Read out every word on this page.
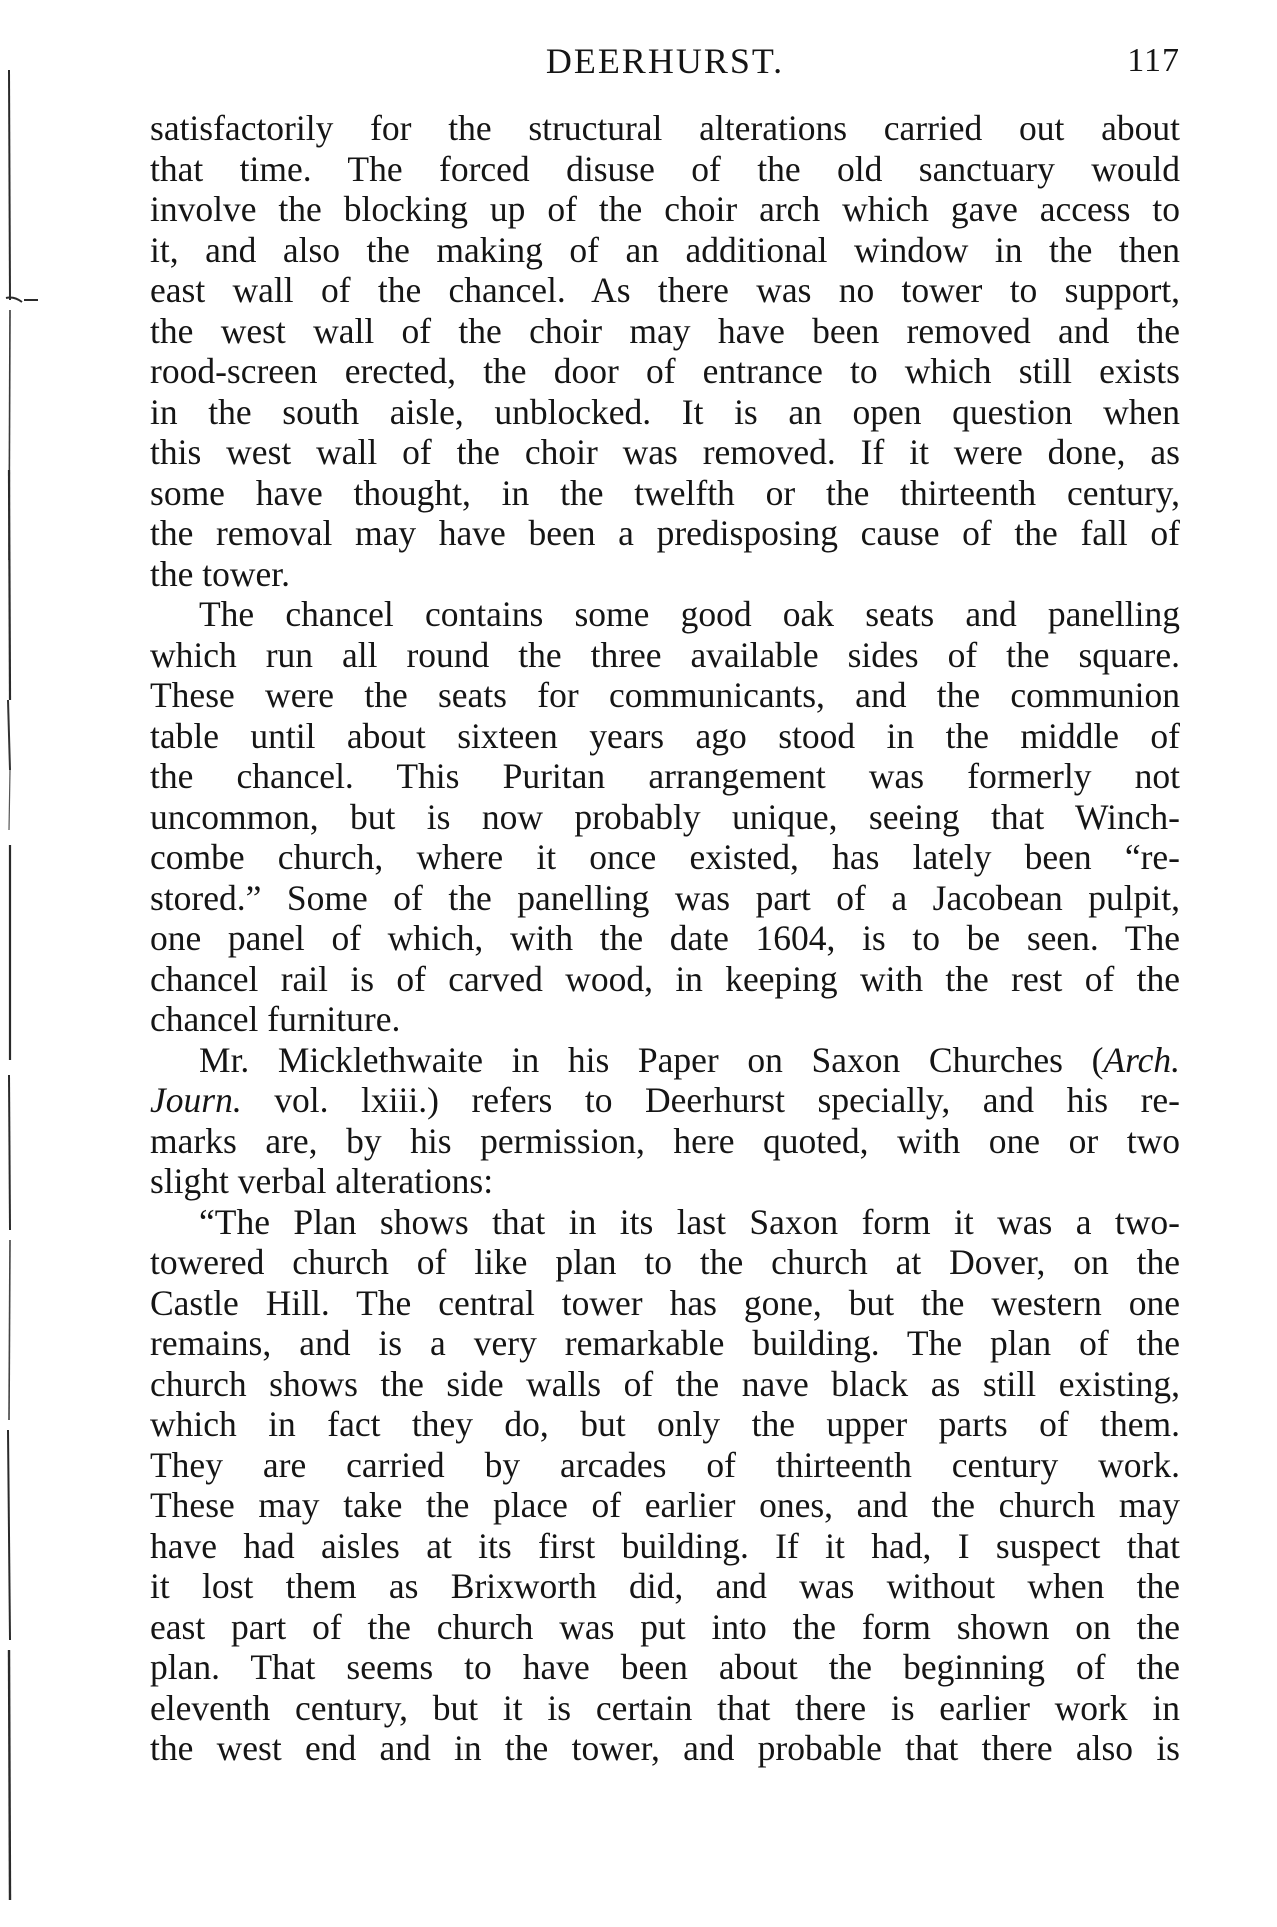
DEERHURST.	117

satisfactorily for the structural alterations carried out about
that time. The forced disuse of the old sanctuary would
involve the blocking up of the choir arch which gave access to
it, and also the making of an additional window in the then
east wall of the chancel. As there was no tower to support,
the west wall of the choir may have been removed and the
rood-screen erected, the door of entrance to which still exists
in the south aisle, unblocked. It is an open question when
this west wall of the choir was removed. If it were done, as
some have thought, in the twelfth or the thirteenth century,
the removal may have been a predisposing cause of the fall of
the tower.

The chancel contains some good oak seats and panelling
which run all round the three available sides of the square.
These were the seats for communicants, and the communion
table until about sixteen years ago stood in the middle of
the chancel. This Puritan arrangement was formerly not
uncommon, but is now probably unique, seeing that Winch-
combe church, where it once existed, has lately been “re-
stored.” Some of the panelling was part of a Jacobean pulpit,
one panel of which, with the date 1604, is to be seen. The
chancel rail is of carved wood, in keeping with the rest of the
chancel furniture.

Mr. Micklethwaite in his Paper on Saxon Churches (Arch.
Journ. vol. lxiii.) refers to Deerhurst specially, and his re-
marks are, by his permission, here quoted, with one or two
slight verbal alterations:

“The Plan shows that in its last Saxon form it was a two-
towered church of like plan to the church at Dover, on the
Castle Hill. The central tower has gone, but the western one
remains, and is a very remarkable building. The plan of the
church shows the side walls of the nave black as still existing,
which in fact they do, but only the upper parts of them.
They are carried by arcades of thirteenth century work.
These may take the place of earlier ones, and the church may
have had aisles at its first building. If it had, I suspect that
it lost them as Brixworth did, and was without when the
east part of the church was put into the form shown on the
plan. That seems to have been about the beginning of the
eleventh century, but it is certain that there is earlier work in
the west end and in the tower, and probable that there also is
